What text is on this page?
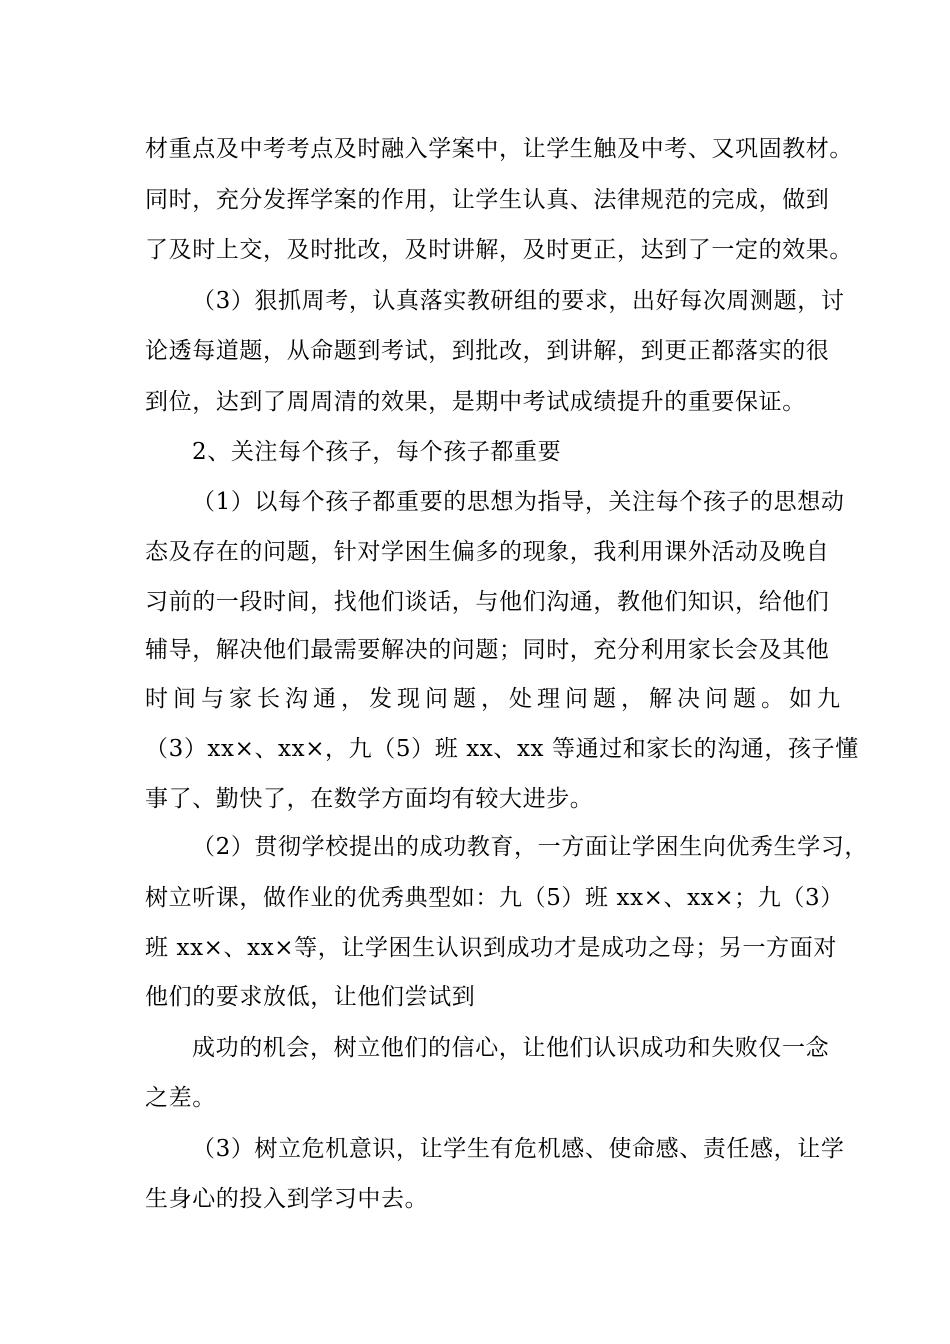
材重点及中考考点及时融入学案中，让学生触及中考、又巩固教材。
同时，充分发挥学案的作用，让学生认真、法律规范的完成，做到
了及时上交，及时批改，及时讲解，及时更正，达到了一定的效果。
（3）狠抓周考，认真落实教研组的要求，出好每次周测题，讨
论透每道题，从命题到考试，到批改，到讲解，到更正都落实的很
到位，达到了周周清的效果，是期中考试成绩提升的重要保证。
2、关注每个孩子，每个孩子都重要
（1）以每个孩子都重要的思想为指导，关注每个孩子的思想动
态及存在的问题，针对学困生偏多的现象，我利用课外活动及晚自
习前的一段时间，找他们谈话，与他们沟通，教他们知识，给他们
辅导，解决他们最需要解决的问题；同时，充分利用家长会及其他
时间与家长沟通，发现问题，处理问题，解决问题。如九
（3）xx×、xx×，九（5）班 xx、xx 等通过和家长的沟通，孩子懂
事了、勤快了，在数学方面均有较大进步。
（2）贯彻学校提出的成功教育，一方面让学困生向优秀生学习，
树立听课，做作业的优秀典型如：九（5）班 xx×、xx×；九（3）
班 xx×、xx×等，让学困生认识到成功才是成功之母；另一方面对
他们的要求放低，让他们尝试到
成功的机会，树立他们的信心，让他们认识成功和失败仅一念
之差。
（3）树立危机意识，让学生有危机感、使命感、责任感，让学
生身心的投入到学习中去。
